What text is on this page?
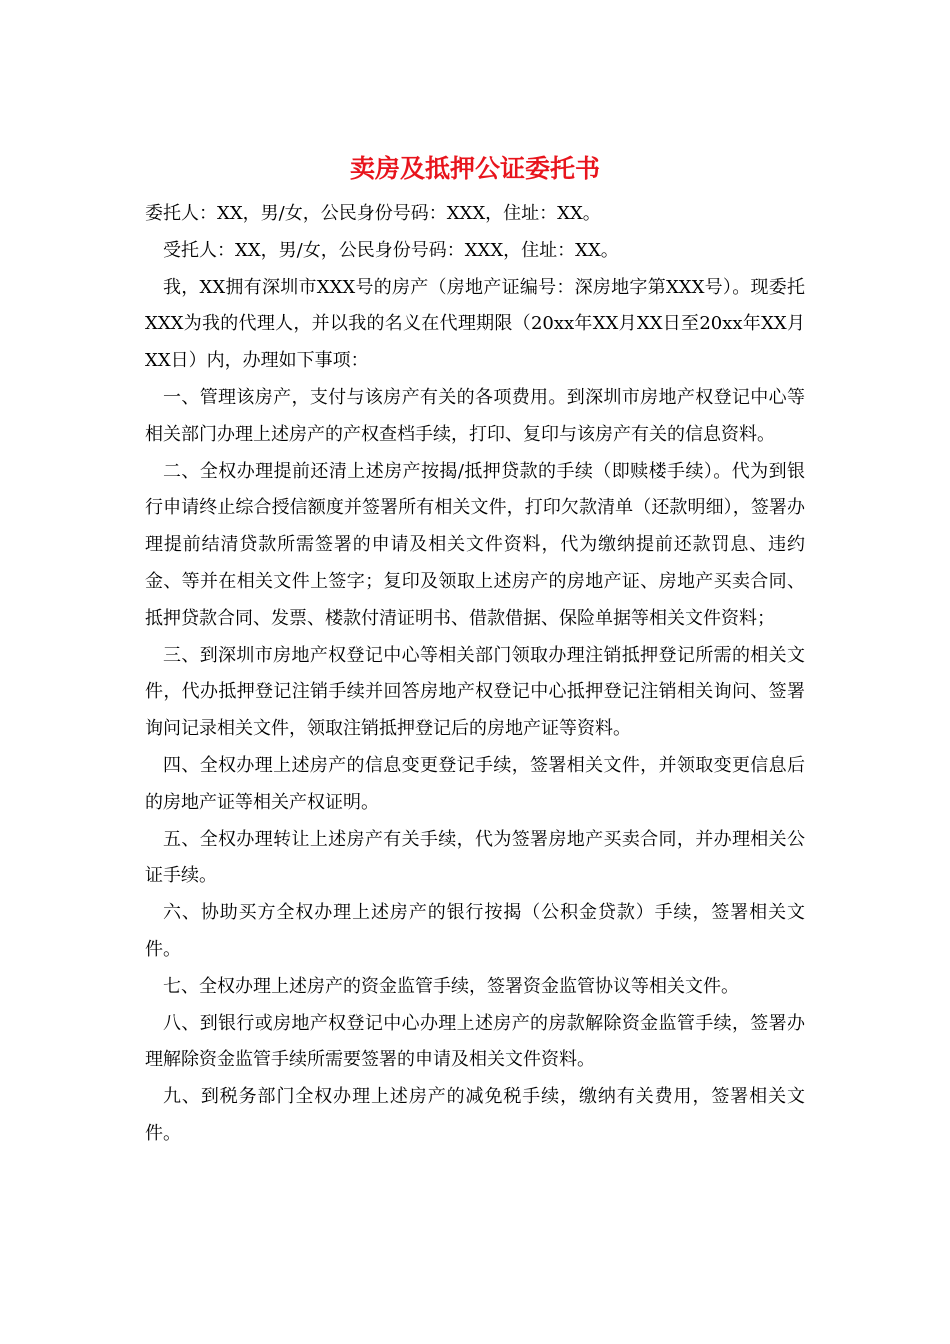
卖房及抵押公证委托书

委托人：XX，男/女，公民身份号码：XXX，住址：XX。

受托人：XX，男/女，公民身份号码：XXX，住址：XX。

我，XX拥有深圳市XXX号的房产（房地产证编号：深房地字第XXX号）。现委托XXX为我的代理人，并以我的名义在代理期限（20xx年XX月XX日至20xx年XX月XX日）内，办理如下事项：

一、管理该房产，支付与该房产有关的各项费用。到深圳市房地产权登记中心等相关部门办理上述房产的产权查档手续，打印、复印与该房产有关的信息资料。

二、全权办理提前还清上述房产按揭/抵押贷款的手续（即赎楼手续）。代为到银行申请终止综合授信额度并签署所有相关文件，打印欠款清单（还款明细），签署办理提前结清贷款所需签署的申请及相关文件资料，代为缴纳提前还款罚息、违约金、等并在相关文件上签字；复印及领取上述房产的房地产证、房地产买卖合同、抵押贷款合同、发票、楼款付清证明书、借款借据、保险单据等相关文件资料；

三、到深圳市房地产权登记中心等相关部门领取办理注销抵押登记所需的相关文件，代办抵押登记注销手续并回答房地产权登记中心抵押登记注销相关询问、签署询问记录相关文件，领取注销抵押登记后的房地产证等资料。

四、全权办理上述房产的信息变更登记手续，签署相关文件，并领取变更信息后的房地产证等相关产权证明。

五、全权办理转让上述房产有关手续，代为签署房地产买卖合同，并办理相关公证手续。

六、协助买方全权办理上述房产的银行按揭（公积金贷款）手续，签署相关文件。

七、全权办理上述房产的资金监管手续，签署资金监管协议等相关文件。

八、到银行或房地产权登记中心办理上述房产的房款解除资金监管手续，签署办理解除资金监管手续所需要签署的申请及相关文件资料。

九、到税务部门全权办理上述房产的减免税手续，缴纳有关费用，签署相关文件。
